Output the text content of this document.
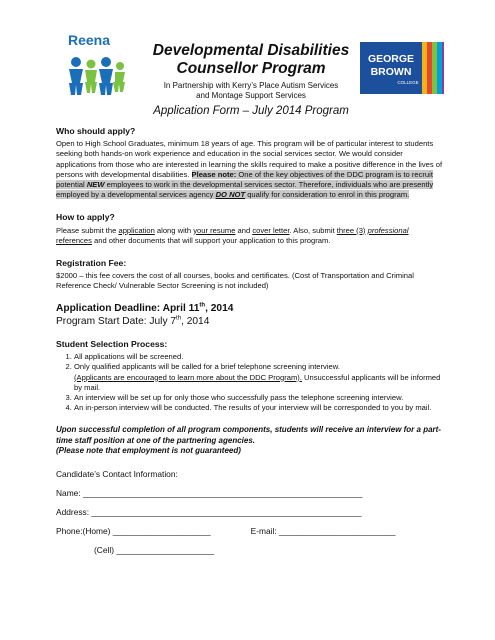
Reena
GEORGE
BROWN
COLLEGE
Developmental Disabilities
Counsellor Program
In Partnership with Kerry’s Place Autism Services
and Montage Support Services
Application Form – July 2014 Program
Who should apply?
Open to High School Graduates, minimum 18 years of age. This program will be of particular interest to students seeking both hands-on work experience and education in the social services sector. We would consider applications from those who are interested in learning the skills required to make a positive difference in the lives of persons with developmental disabilities. Please note: One of the key objectives of the DDC program is to recruit potential NEW employees to work in the developmental services sector. Therefore, individuals who are presently employed by a developmental services agency DO NOT qualify for consideration to enrol in this program.
How to apply?
Please submit the application along with your resume and cover letter. Also, submit three (3) professional references and other documents that will support your application to this program.
Registration Fee:
$2000 – this fee covers the cost of all courses, books and certificates. (Cost of Transportation and Criminal Reference Check/ Vulnerable Sector Screening is not included)
Application Deadline: April 11th, 2014
Program Start Date: July 7th, 2014
Student Selection Process:
1. All applications will be screened.
2. Only qualified applicants will be called for a brief telephone screening interview.
(Applicants are encouraged to learn more about the DDC Program). Unsuccessful applicants will be informed by mail.
3. An interview will be set up for only those who successfully pass the telephone screening interview.
4. An in-person interview will be conducted. The results of your interview will be corresponded to you by mail.
Upon successful completion of all program components, students will receive an interview for a part-time staff position at one of the partnering agencies.
(Please note that employment is not guaranteed)
Candidate’s Contact Information:
Name: ____________________________________________________________
Address: __________________________________________________________
Phone:(Home) _____________________	E-mail: _________________________
(Cell) _____________________
